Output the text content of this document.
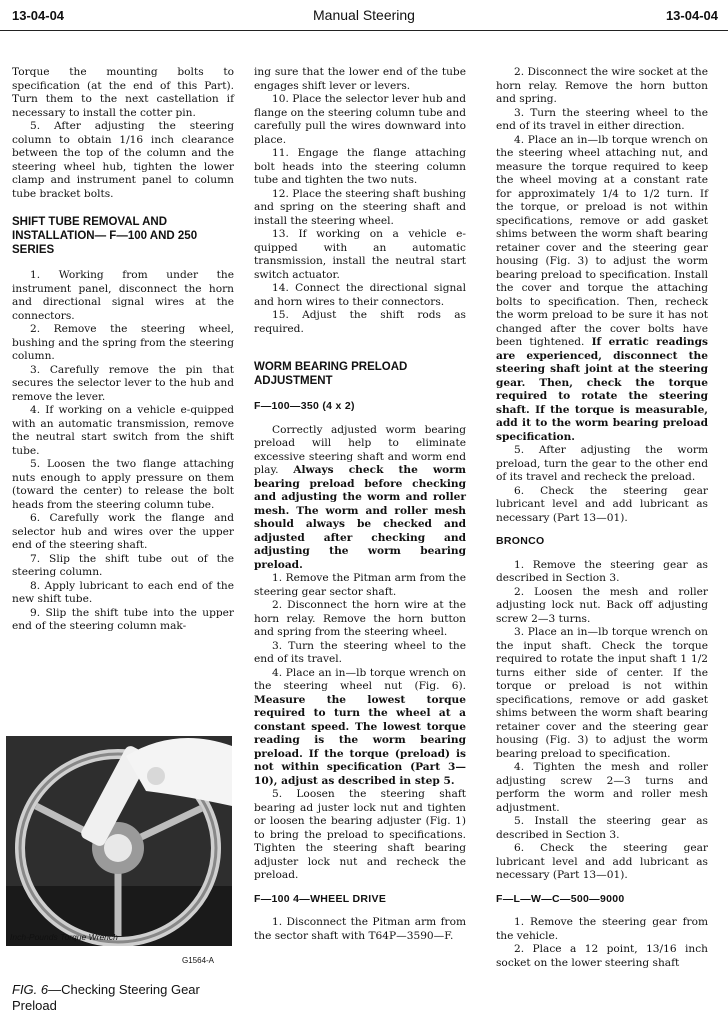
13-04-04	Manual Steering	13-04-04

Torque the mounting bolts to specification (at the end of this Part). Turn them to the next castellation if necessary to install the cotter pin.

5. After adjusting the steering column to obtain 1/16 inch clearance between the top of the column and the steering wheel hub, tighten the lower clamp and instrument panel to column tube bracket bolts.

SHIFT TUBE REMOVAL AND INSTALLATION— F—100 AND 250 SERIES

1. Working from under the instrument panel, disconnect the horn and directional signal wires at the connectors.

2. Remove the steering wheel, bushing and the spring from the steering column.

3. Carefully remove the pin that secures the selector lever to the hub and remove the lever.

4. If working on a vehicle e-quipped with an automatic transmission, remove the neutral start switch from the shift tube.

5. Loosen the two flange attaching nuts enough to apply pressure on them (toward the center) to release the bolt heads from the steering column tube.

6. Carefully work the flange and selector hub and wires over the upper end of the steering shaft.

7. Slip the shift tube out of the steering column.

8. Apply lubricant to each end of the new shift tube.

9. Slip the shift tube into the upper end of the steering column mak-

Inch-Pounds Torque Wrench
G1564-A
FIG. 6—Checking Steering Gear Preload

ing sure that the lower end of the tube engages shift lever or levers.

10. Place the selector lever hub and flange on the steering column tube and carefully pull the wires downward into place.

11. Engage the flange attaching bolt heads into the steering column tube and tighten the two nuts.

12. Place the steering shaft bushing and spring on the steering shaft and install the steering wheel.

13. If working on a vehicle e-quipped with an automatic transmission, install the neutral start switch actuator.

14. Connect the directional signal and horn wires to their connectors.

15. Adjust the shift rods as required.

WORM BEARING PRELOAD ADJUSTMENT
F—100—350 (4 x 2)

Correctly adjusted worm bearing preload will help to eliminate excessive steering shaft and worm end play. Always check the worm bearing preload before checking and adjusting the worm and roller mesh. The worm and roller mesh should always be checked and adjusted after checking and adjusting the worm bearing preload.

1. Remove the Pitman arm from the steering gear sector shaft.

2. Disconnect the horn wire at the horn relay. Remove the horn button and spring from the steering wheel.

3. Turn the steering wheel to the end of its travel.

4. Place an in—lb torque wrench on the steering wheel nut (Fig. 6). Measure the lowest torque required to turn the wheel at a constant speed. The lowest torque reading is the worm bearing preload. If the torque (preload) is not within specification (Part 3—10), adjust as described in step 5.

5. Loosen the steering shaft bearing ad juster lock nut and tighten or loosen the bearing adjuster (Fig. 1) to bring the preload to specifications. Tighten the steering shaft bearing adjuster lock nut and recheck the preload.

F—100 4—WHEEL DRIVE

1. Disconnect the Pitman arm from the sector shaft with T64P—3590—F.

2. Disconnect the wire socket at the horn relay. Remove the horn button and spring.

3. Turn the steering wheel to the end of its travel in either direction.

4. Place an in—lb torque wrench on the steering wheel attaching nut, and measure the torque required to keep the wheel moving at a constant rate for approximately 1/4 to 1/2 turn. If the torque, or preload is not within specifications, remove or add gasket shims between the worm shaft bearing retainer cover and the steering gear housing (Fig. 3) to adjust the worm bearing preload to specification. Install the cover and torque the attaching bolts to specification. Then, recheck the worm preload to be sure it has not changed after the cover bolts have been tightened. If erratic readings are experienced, disconnect the steering shaft joint at the steering gear. Then, check the torque required to rotate the steering shaft. If the torque is measurable, add it to the worm bearing preload specification.

5. After adjusting the worm preload, turn the gear to the other end of its travel and recheck the preload.

6. Check the steering gear lubricant level and add lubricant as necessary (Part 13—01).

BRONCO

1. Remove the steering gear as described in Section 3.

2. Loosen the mesh and roller adjusting lock nut. Back off adjusting screw 2—3 turns.

3. Place an in—lb torque wrench on the input shaft. Check the torque required to rotate the input shaft 1 1/2 turns either side of center. If the torque or preload is not within specifications, remove or add gasket shims between the worm shaft bearing retainer cover and the steering gear housing (Fig. 3) to adjust the worm bearing preload to specification.

4. Tighten the mesh and roller adjusting screw 2—3 turns and perform the worm and roller mesh adjustment.

5. Install the steering gear as described in Section 3.

6. Check the steering gear lubricant level and add lubricant as necessary (Part 13—01).

F—L—W—C—500—9000

1. Remove the steering gear from the vehicle.

2. Place a 12 point, 13/16 inch socket on the lower steering shaft
